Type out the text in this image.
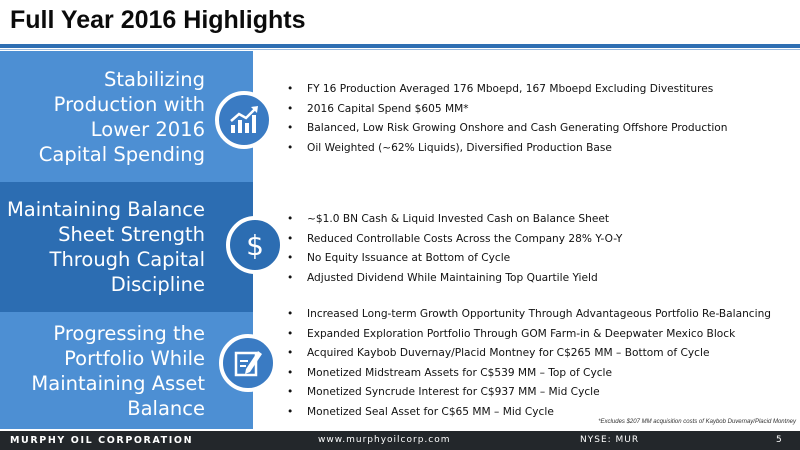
Full Year 2016 Highlights
Stabilizing
Production with
Lower 2016
Capital Spending
• FY 16 Production Averaged 176 Mboepd, 167 Mboepd Excluding Divestitures
• 2016 Capital Spend $605 MM*
• Balanced, Low Risk Growing Onshore and Cash Generating Offshore Production
• Oil Weighted (~62% Liquids), Diversified Production Base
Maintaining Balance
Sheet Strength
Through Capital
Discipline
$
• ~$1.0 BN Cash & Liquid Invested Cash on Balance Sheet
• Reduced Controllable Costs Across the Company 28% Y-O-Y
• No Equity Issuance at Bottom of Cycle
• Adjusted Dividend While Maintaining Top Quartile Yield
Progressing the
Portfolio While
Maintaining Asset
Balance
• Increased Long-term Growth Opportunity Through Advantageous Portfolio Re-Balancing
• Expanded Exploration Portfolio Through GOM Farm-in & Deepwater Mexico Block
• Acquired Kaybob Duvernay/Placid Montney for C$265 MM – Bottom of Cycle
• Monetized Midstream Assets for C$539 MM – Top of Cycle
• Monetized Syncrude Interest for C$937 MM – Mid Cycle
• Monetized Seal Asset for C$65 MM – Mid Cycle
*Excludes $207 MM acquisition costs of Kaybob Duvernay/Placid Montney
MURPHY OIL CORPORATION	www.murphyoilcorp.com	NYSE: MUR	5
